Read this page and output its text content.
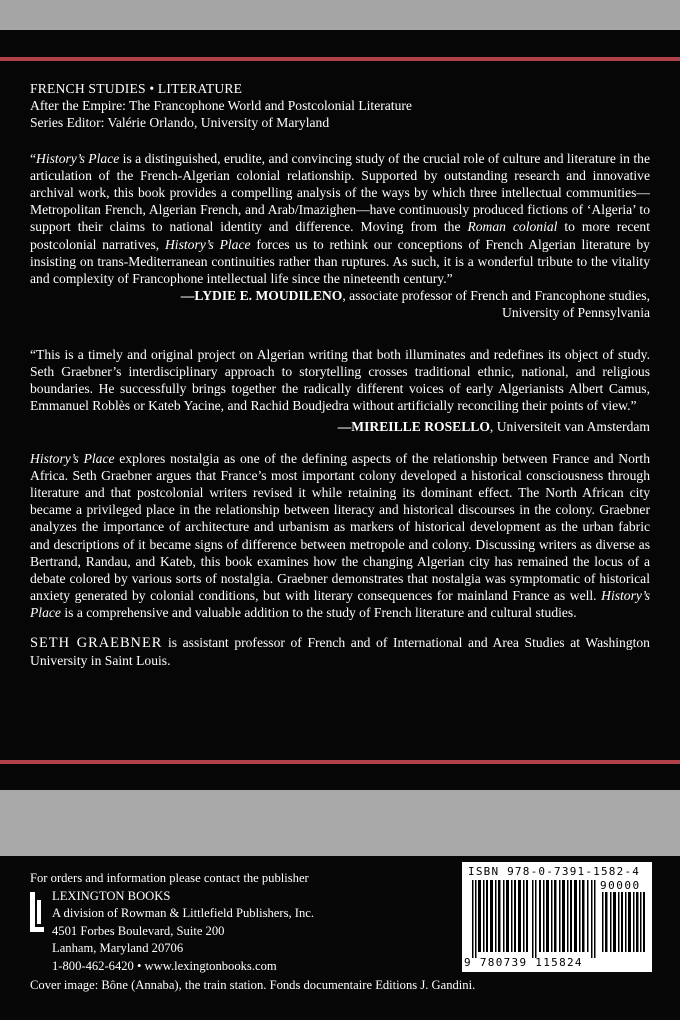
FRENCH STUDIES • LITERATURE
After the Empire: The Francophone World and Postcolonial Literature
Series Editor: Valérie Orlando, University of Maryland

“History’s Place is a distinguished, erudite, and convincing study of the crucial role of culture and literature in the articulation of the French-Algerian colonial relationship. Supported by outstanding research and innovative archival work, this book provides a compelling analysis of the ways by which three intellectual communities—Metropolitan French, Algerian French, and Arab/Imazighen—have continuously produced fictions of ‘Algeria’ to support their claims to national identity and difference. Moving from the Roman colonial to more recent postcolonial narratives, History’s Place forces us to rethink our conceptions of French Algerian literature by insisting on trans-Mediterranean continuities rather than ruptures. As such, it is a wonderful tribute to the vitality and complexity of Francophone intellectual life since the nineteenth century.”

—LYDIE E. MOUDILENO, associate professor of French and Francophone studies,

University of Pennsylvania

“This is a timely and original project on Algerian writing that both illuminates and redefines its object of study. Seth Graebner’s interdisciplinary approach to storytelling crosses traditional ethnic, national, and religious boundaries. He successfully brings together the radically different voices of early Algerianists Albert Camus, Emmanuel Roblès or Kateb Yacine, and Rachid Boudjedra without artificially reconciling their points of view.”

—MIREILLE ROSELLO, Universiteit van Amsterdam

History’s Place explores nostalgia as one of the defining aspects of the relationship between France and North Africa. Seth Graebner argues that France’s most important colony developed a historical consciousness through literature and that postcolonial writers revised it while retaining its dominant effect. The North African city became a privileged place in the relationship between literacy and historical discourses in the colony. Graebner analyzes the importance of architecture and urbanism as markers of historical development as the urban fabric and descriptions of it became signs of difference between metropole and colony. Discussing writers as diverse as Bertrand, Randau, and Kateb, this book examines how the changing Algerian city has remained the locus of a debate colored by various sorts of nostalgia. Graebner demonstrates that nostalgia was symptomatic of historical anxiety generated by colonial conditions, but with literary consequences for mainland France as well. History’s Place is a comprehensive and valuable addition to the study of French literature and cultural studies.

SETH GRAEBNER is assistant professor of French and of International and Area Studies at Washington University in Saint Louis.

For orders and information please contact the publisher
LEXINGTON BOOKS
A division of Rowman & Littlefield Publishers, Inc.
4501 Forbes Boulevard, Suite 200
Lanham, Maryland 20706
1-800-462-6420 • www.lexingtonbooks.com
ISBN 978-0-7391-1582-4
90000
9 780739 115824
Cover image: Bône (Annaba), the train station. Fonds documentaire Editions J. Gandini.
